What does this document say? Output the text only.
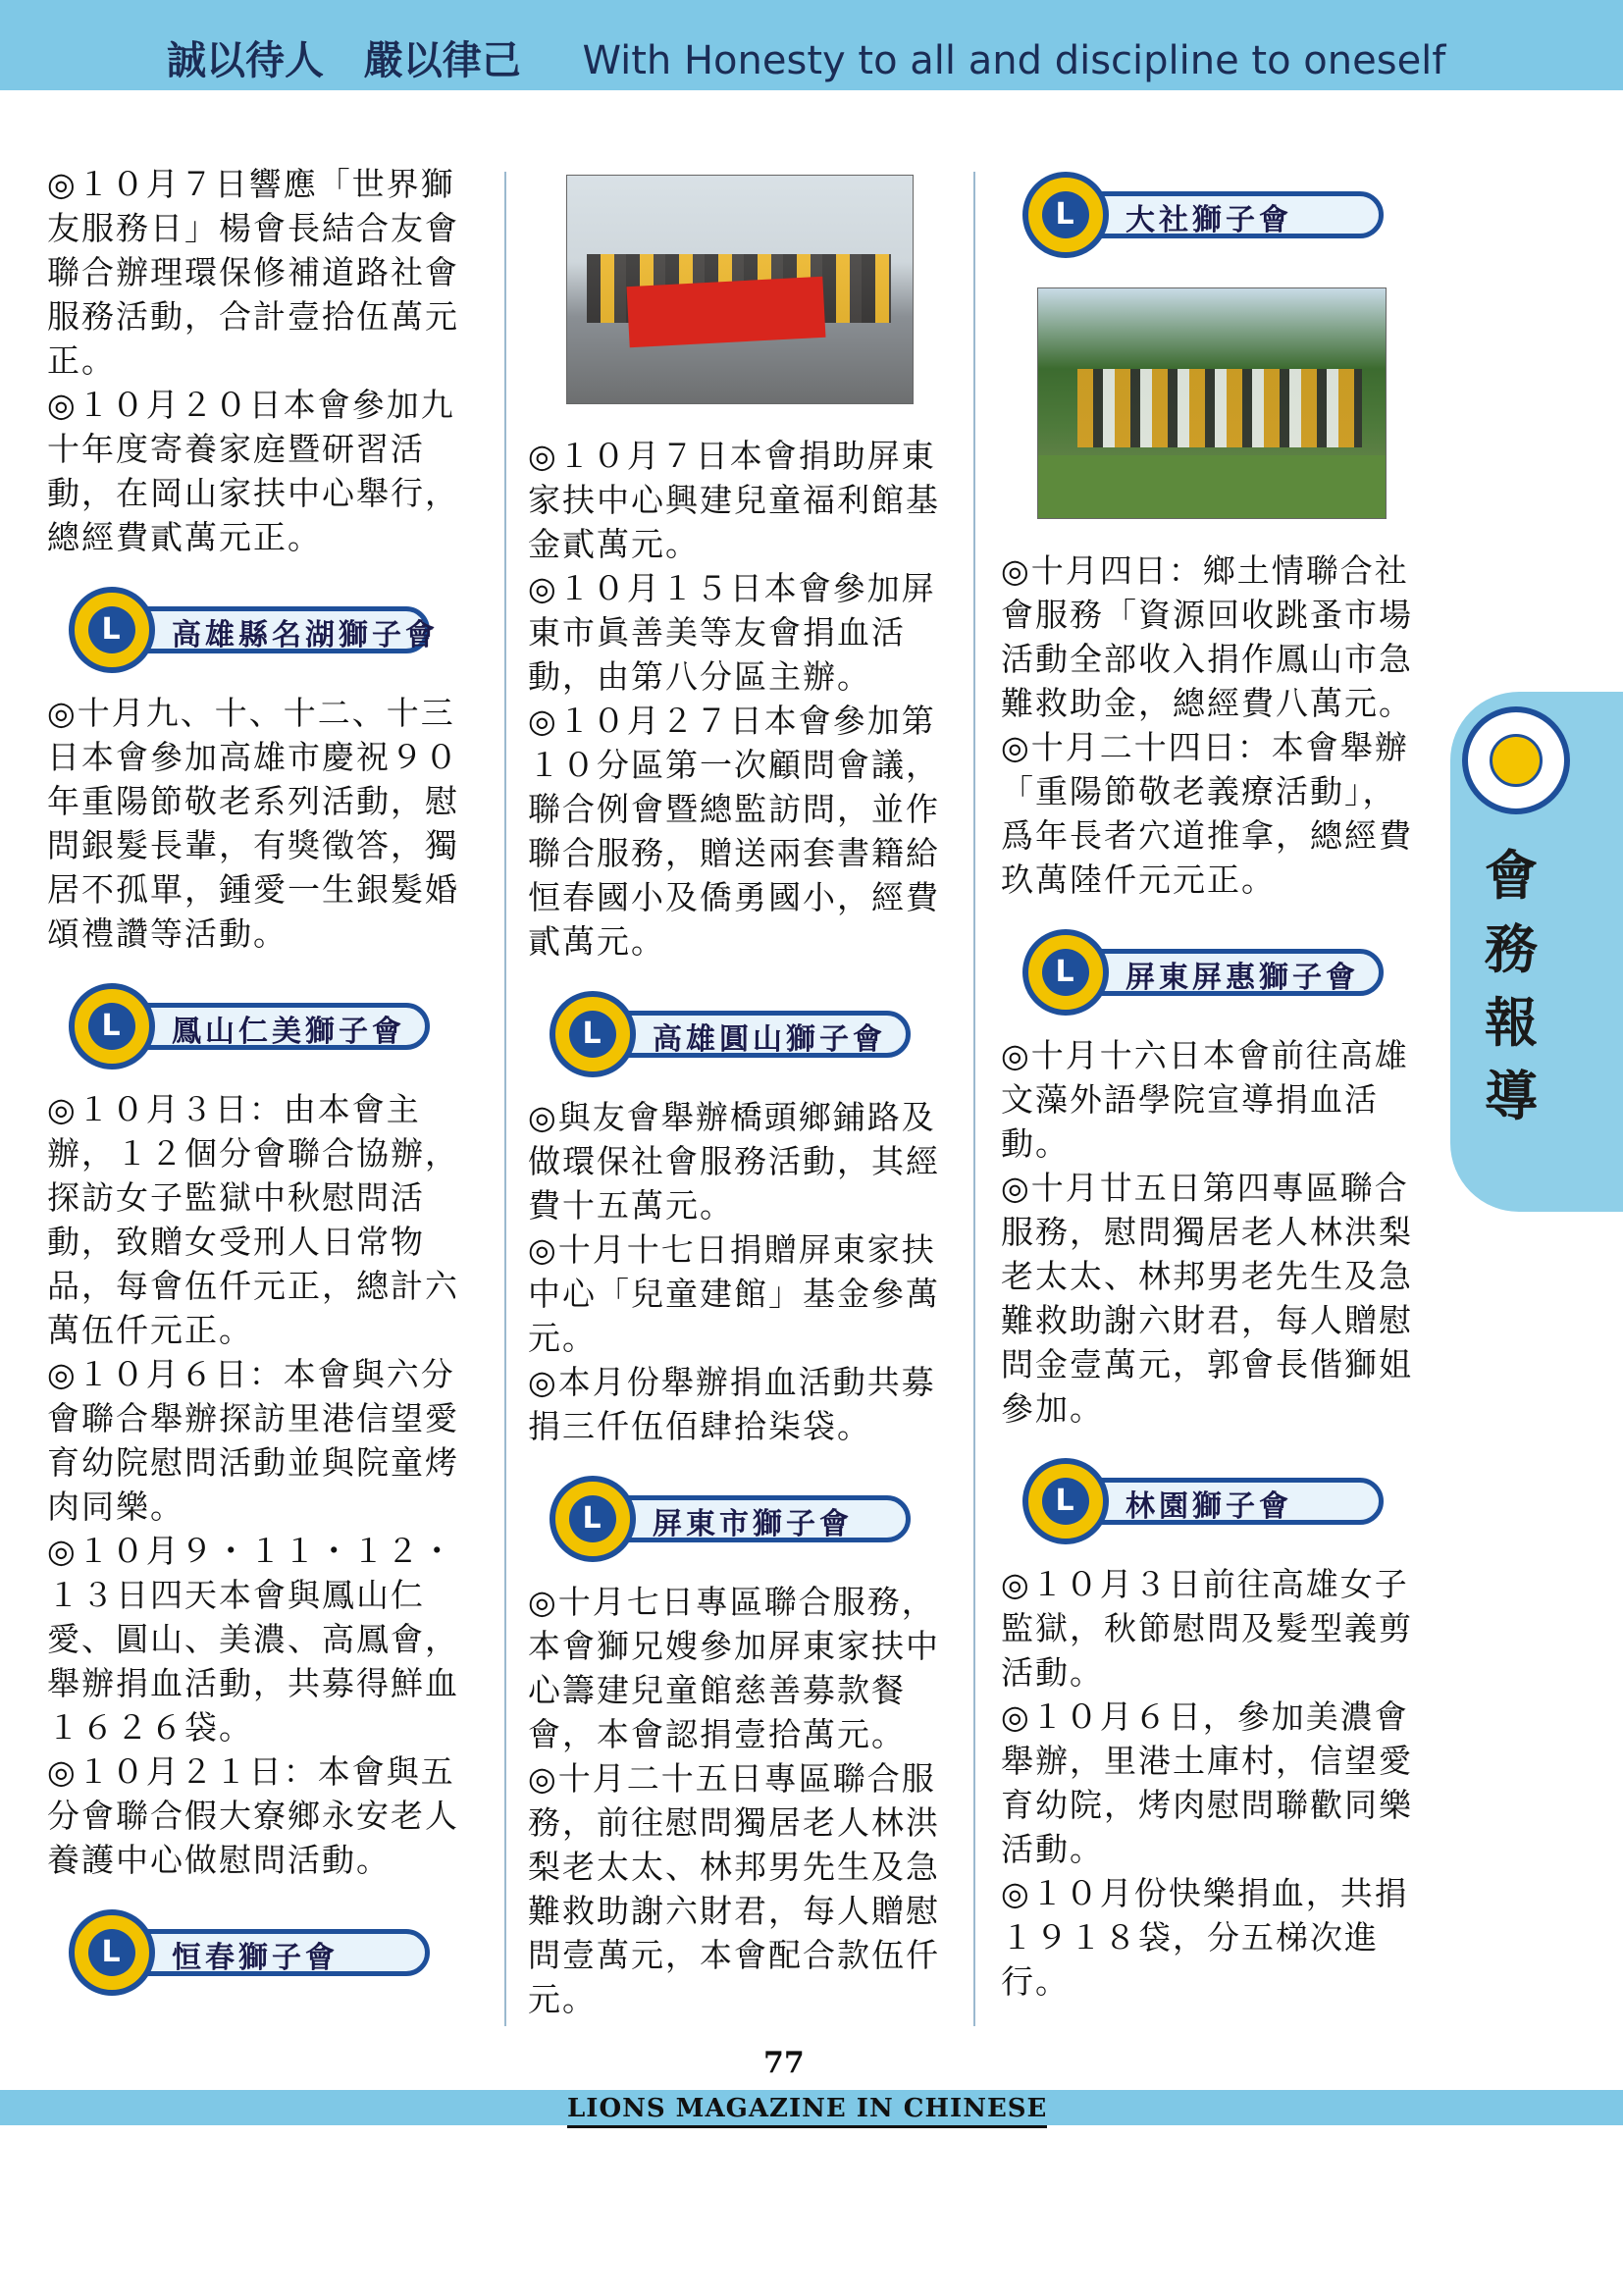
誠以待人 嚴以律己 With Honesty to all and discipline to oneself

◎１０月７日響應「世界獅友服務日」楊會長結合友會聯合辦理環保修補道路社會服務活動，合計壹拾伍萬元正。

◎１０月２０日本會參加九十年度寄養家庭暨研習活動，在岡山家扶中心舉行，總經費貳萬元正。

高雄縣名湖獅子會
L

◎十月九、十、十二、十三日本會參加高雄市慶祝９０年重陽節敬老系列活動，慰問銀髮長輩，有獎徵答，獨居不孤單，鍾愛一生銀髮婚頌禮讚等活動。

鳳山仁美獅子會
L

◎１０月３日：由本會主辦，１２個分會聯合協辦，探訪女子監獄中秋慰問活動，致贈女受刑人日常物品，每會伍仟元正，總計六萬伍仟元正。

◎１０月６日：本會與六分會聯合舉辦探訪里港信望愛育幼院慰問活動並與院童烤肉同樂。

◎１０月９・１１・１２・１３日四天本會與鳳山仁愛、圓山、美濃、高鳳會，舉辦捐血活動，共募得鮮血１６２６袋。

◎１０月２１日：本會與五分會聯合假大寮鄉永安老人養護中心做慰問活動。

恒春獅子會
L

◎１０月７日本會捐助屏東家扶中心興建兒童福利館基金貳萬元。

◎１０月１５日本會參加屏東市眞善美等友會捐血活動，由第八分區主辦。

◎１０月２７日本會參加第１０分區第一次顧問會議，聯合例會暨總監訪問，並作聯合服務，贈送兩套書籍給恒春國小及僑勇國小，經費貳萬元。

高雄圓山獅子會
L

◎與友會舉辦橋頭鄉鋪路及做環保社會服務活動，其經費十五萬元。

◎十月十七日捐贈屏東家扶中心「兒童建館」基金參萬元。

◎本月份舉辦捐血活動共募捐三仟伍佰肆拾柒袋。

屏東市獅子會
L

◎十月七日專區聯合服務，本會獅兄嫂參加屏東家扶中心籌建兒童館慈善募款餐會，本會認捐壹拾萬元。

◎十月二十五日專區聯合服務，前往慰問獨居老人林洪梨老太太、林邦男先生及急難救助謝六財君，每人贈慰問壹萬元，本會配合款伍仟元。

大社獅子會
L

◎十月四日：鄉土情聯合社會服務「資源回收跳蚤市場活動全部收入捐作鳳山市急難救助金，總經費八萬元。

◎十月二十四日：本會舉辦「重陽節敬老義療活動」，爲年長者穴道推拿，總經費玖萬陸仟元元正。

屏東屏惠獅子會
L

◎十月十六日本會前往高雄文藻外語學院宣導捐血活動。

◎十月廿五日第四專區聯合服務，慰問獨居老人林洪梨老太太、林邦男老先生及急難救助謝六財君，每人贈慰問金壹萬元，郭會長偕獅姐參加。

林園獅子會
L

◎１０月３日前往高雄女子監獄，秋節慰問及髮型義剪活動。

◎１０月６日，參加美濃會舉辦，里港土庫村，信望愛育幼院，烤肉慰問聯歡同樂活動。

◎１０月份快樂捐血，共捐１９１８袋，分五梯次進行。

會務報導
77
LIONS MAGAZINE IN CHINESE
